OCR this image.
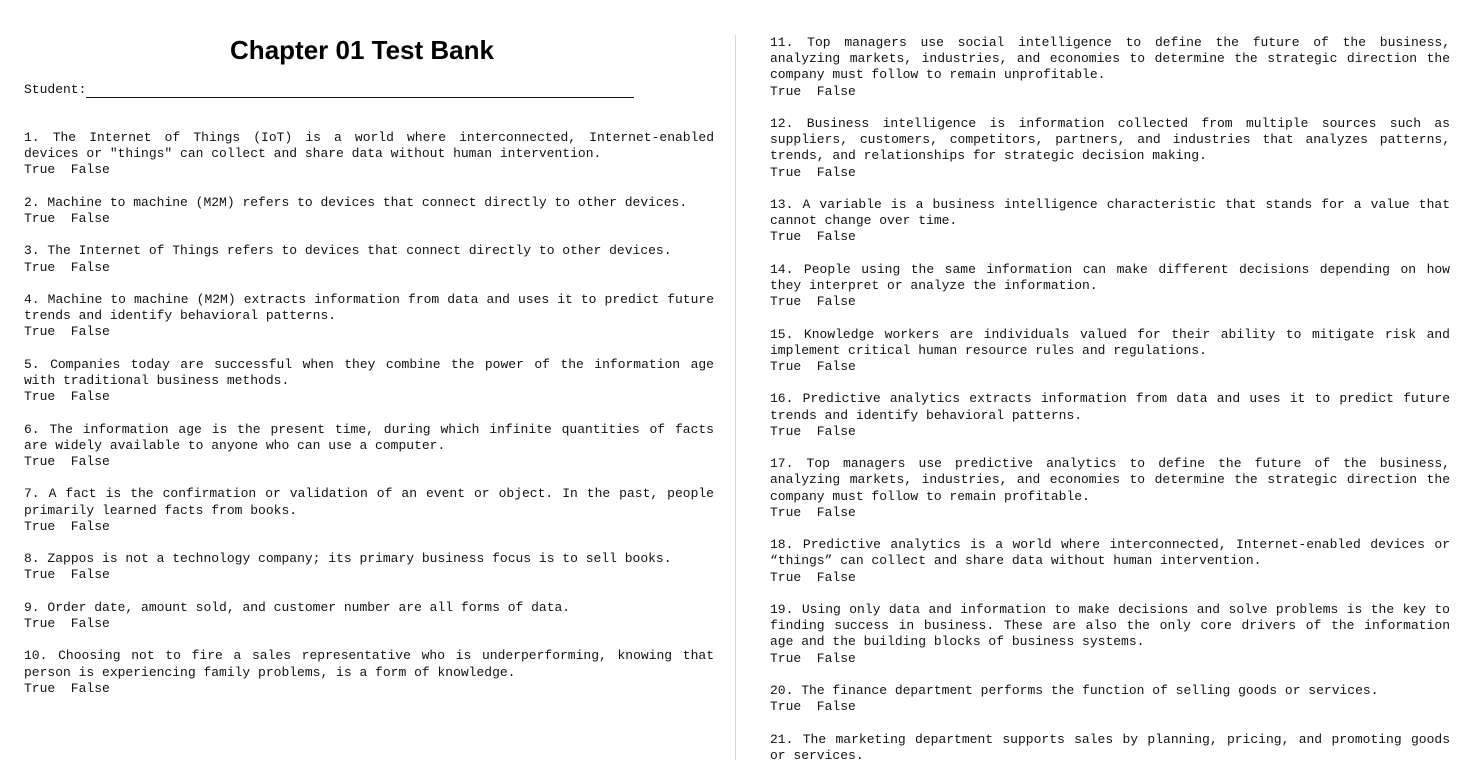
Chapter 01 Test Bank
Student:
1. The Internet of Things (IoT) is a world where interconnected, Internet-enabled devices or "things" can collect and share data without human intervention.
True  False
2. Machine to machine (M2M) refers to devices that connect directly to other devices.
True  False
3. The Internet of Things refers to devices that connect directly to other devices.
True  False
4. Machine to machine (M2M) extracts information from data and uses it to predict future trends and identify behavioral patterns.
True  False
5. Companies today are successful when they combine the power of the information age with traditional business methods.
True  False
6. The information age is the present time, during which infinite quantities of facts are widely available to anyone who can use a computer.
True  False
7. A fact is the confirmation or validation of an event or object. In the past, people primarily learned facts from books.
True  False
8. Zappos is not a technology company; its primary business focus is to sell books.
True  False
9. Order date, amount sold, and customer number are all forms of data.
True  False
10. Choosing not to fire a sales representative who is underperforming, knowing that person is experiencing family problems, is a form of knowledge.
True  False
11. Top managers use social intelligence to define the future of the business, analyzing markets, industries, and economies to determine the strategic direction the company must follow to remain unprofitable.
True  False
12. Business intelligence is information collected from multiple sources such as suppliers, customers, competitors, partners, and industries that analyzes patterns, trends, and relationships for strategic decision making.
True  False
13. A variable is a business intelligence characteristic that stands for a value that cannot change over time.
True  False
14. People using the same information can make different decisions depending on how they interpret or analyze the information.
True  False
15. Knowledge workers are individuals valued for their ability to mitigate risk and implement critical human resource rules and regulations.
True  False
16. Predictive analytics extracts information from data and uses it to predict future trends and identify behavioral patterns.
True  False
17. Top managers use predictive analytics to define the future of the business, analyzing markets, industries, and economies to determine the strategic direction the company must follow to remain profitable.
True  False
18. Predictive analytics is a world where interconnected, Internet-enabled devices or “things” can collect and share data without human intervention.
True  False
19. Using only data and information to make decisions and solve problems is the key to finding success in business. These are also the only core drivers of the information age and the building blocks of business systems.
True  False
20. The finance department performs the function of selling goods or services.
True  False
21. The marketing department supports sales by planning, pricing, and promoting goods or services.
